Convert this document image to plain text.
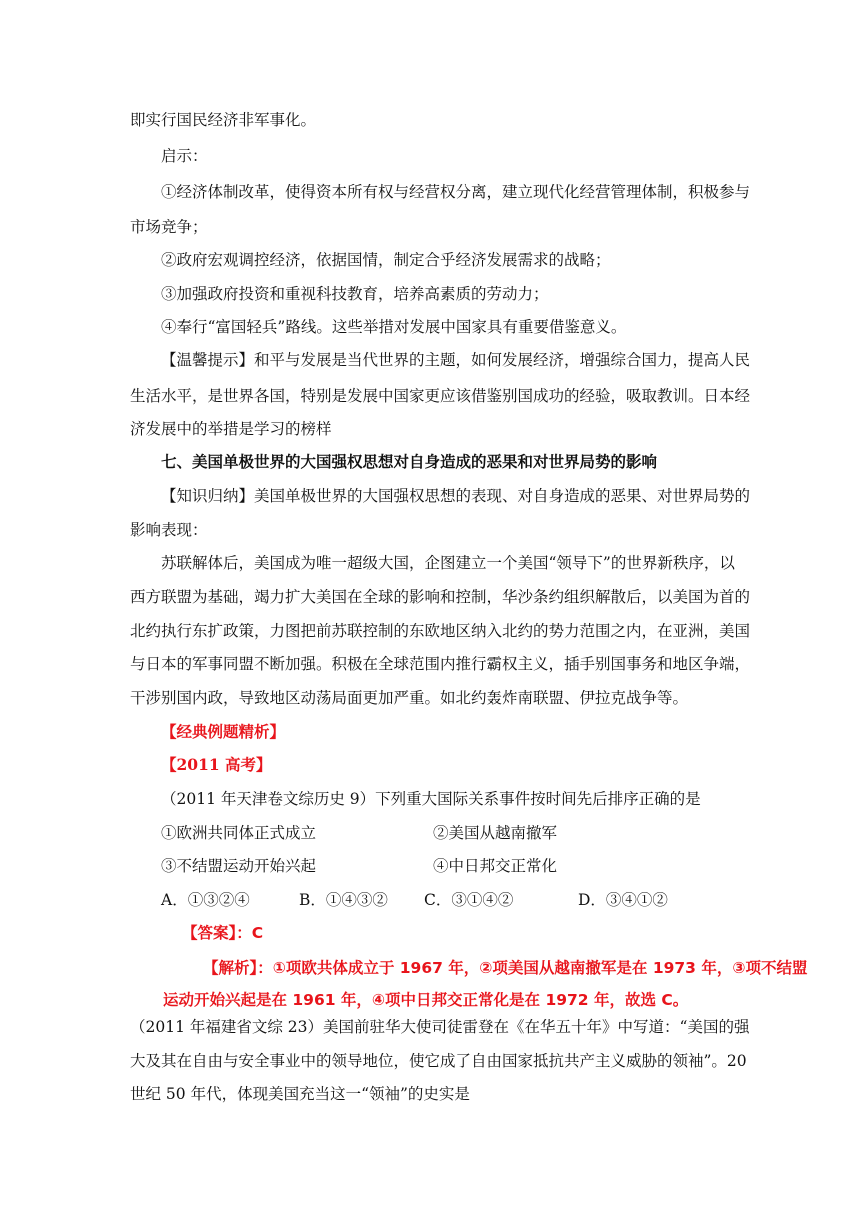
即实行国民经济非军事化。
启示：
①经济体制改革，使得资本所有权与经营权分离，建立现代化经营管理体制，积极参与
市场竞争；
②政府宏观调控经济，依据国情，制定合乎经济发展需求的战略；
③加强政府投资和重视科技教育，培养高素质的劳动力；
④奉行“富国轻兵”路线。这些举措对发展中国家具有重要借鉴意义。
【温馨提示】和平与发展是当代世界的主题，如何发展经济，增强综合国力，提高人民
生活水平，是世界各国，特别是发展中国家更应该借鉴别国成功的经验，吸取教训。日本经
济发展中的举措是学习的榜样
七、美国单极世界的大国强权思想对自身造成的恶果和对世界局势的影响
【知识归纳】美国单极世界的大国强权思想的表现、对自身造成的恶果、对世界局势的
影响表现：
苏联解体后，美国成为唯一超级大国，企图建立一个美国“领导下”的世界新秩序，以
西方联盟为基础，竭力扩大美国在全球的影响和控制，华沙条约组织解散后，以美国为首的
北约执行东扩政策，力图把前苏联控制的东欧地区纳入北约的势力范围之内，在亚洲，美国
与日本的军事同盟不断加强。积极在全球范围内推行霸权主义，插手别国事务和地区争端，
干涉别国内政，导致地区动荡局面更加严重。如北约轰炸南联盟、伊拉克战争等。
【经典例题精析】
【2011 高考】
（2011 年天津卷文综历史 9）下列重大国际关系事件按时间先后排序正确的是
①欧洲共同体正式成立	②美国从越南撤军
③不结盟运动开始兴起	④中日邦交正常化
A．①③②④	B．①④③② C．③①④②	D．③④①②
【答案】：C
【解析】：①项欧共体成立于 1967 年，②项美国从越南撤军是在 1973 年，③项不结盟
运动开始兴起是在 1961 年，④项中日邦交正常化是在 1972 年，故选 C。
（2011 年福建省文综 23）美国前驻华大使司徒雷登在《在华五十年》中写道：“美国的强
大及其在自由与安全事业中的领导地位，使它成了自由国家抵抗共产主义威胁的领袖”。20
世纪 50 年代，体现美国充当这一“领袖”的史实是
